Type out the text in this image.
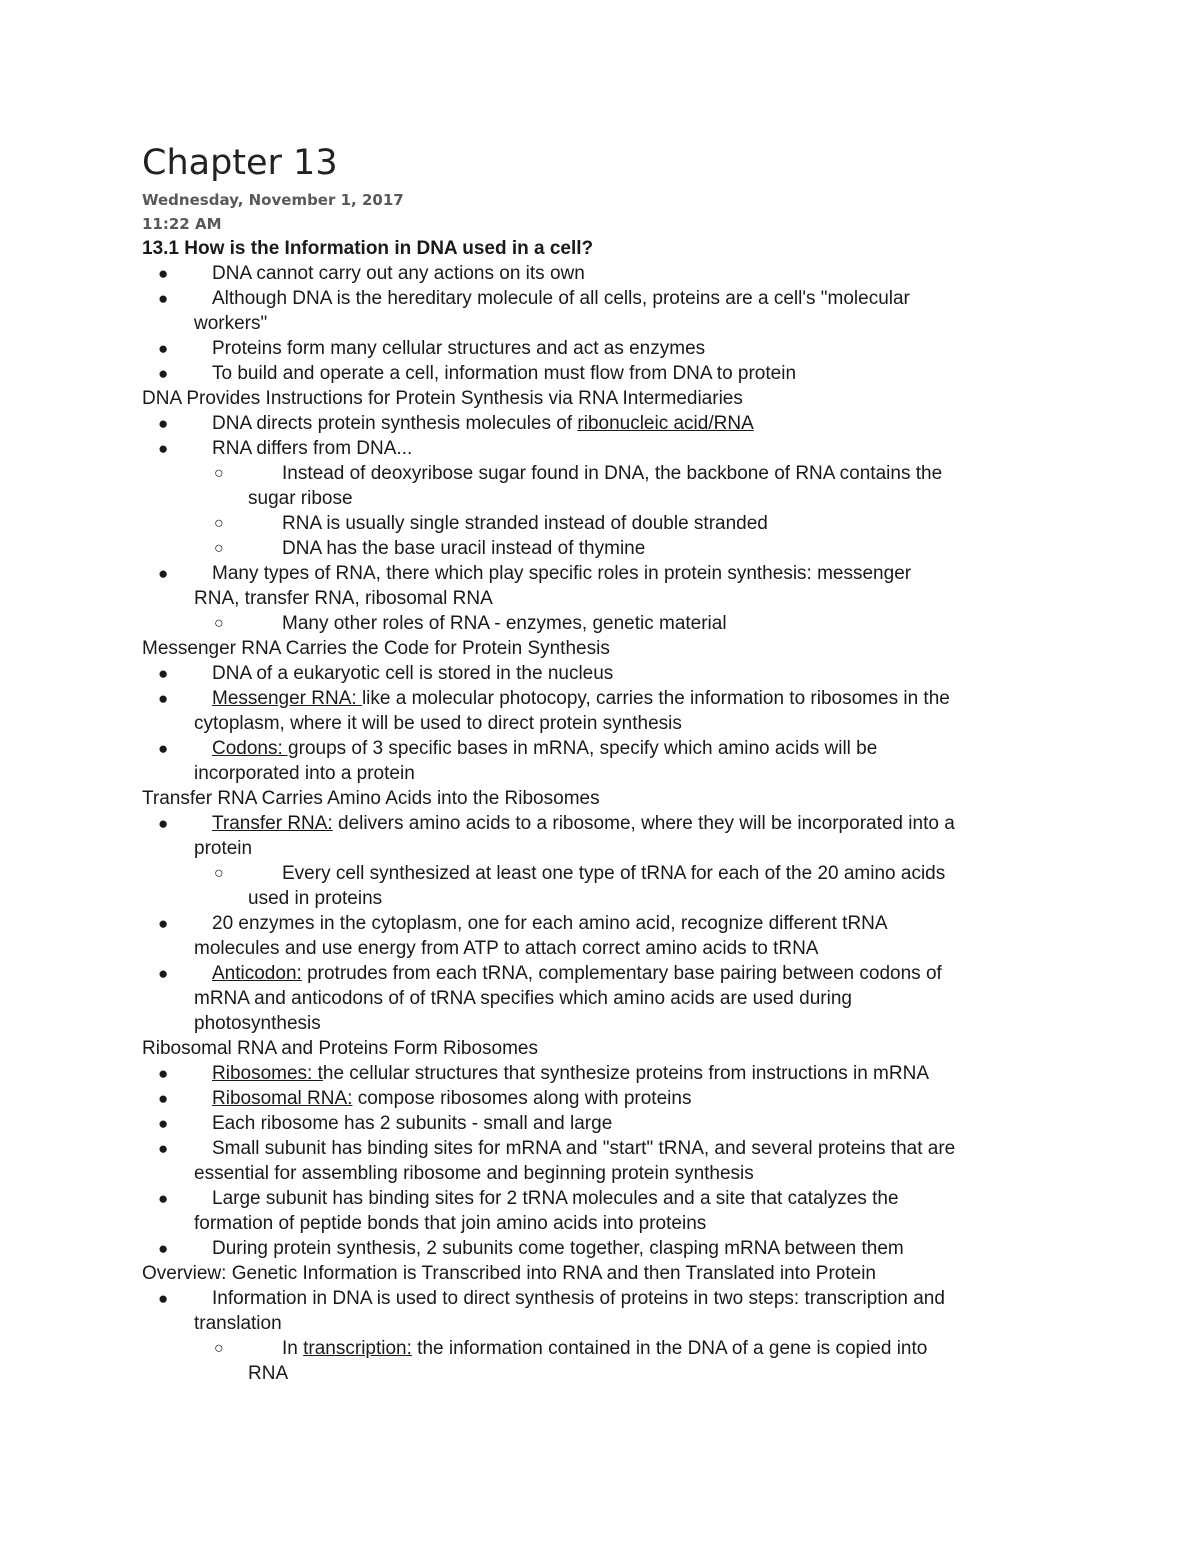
Chapter 13
Wednesday, November 1, 2017
11:22 AM
13.1 How is the Information in DNA used in a cell?
● DNA cannot carry out any actions on its own
● Although DNA is the hereditary molecule of all cells, proteins are a cell's "molecular
workers"
● Proteins form many cellular structures and act as enzymes
● To build and operate a cell, information must flow from DNA to protein
DNA Provides Instructions for Protein Synthesis via RNA Intermediaries
● DNA directs protein synthesis molecules of ribonucleic acid/RNA
● RNA differs from DNA...
○	Instead of deoxyribose sugar found in DNA, the backbone of RNA contains the
sugar ribose
○	RNA is usually single stranded instead of double stranded
○	DNA has the base uracil instead of thymine
● Many types of RNA, there which play specific roles in protein synthesis: messenger
RNA, transfer RNA, ribosomal RNA
○	Many other roles of RNA - enzymes, genetic material
Messenger RNA Carries the Code for Protein Synthesis
● DNA of a eukaryotic cell is stored in the nucleus
● Messenger RNA: like a molecular photocopy, carries the information to ribosomes in the
cytoplasm, where it will be used to direct protein synthesis
● Codons: groups of 3 specific bases in mRNA, specify which amino acids will be
incorporated into a protein
Transfer RNA Carries Amino Acids into the Ribosomes
● Transfer RNA: delivers amino acids to a ribosome, where they will be incorporated into a
protein
○	Every cell synthesized at least one type of tRNA for each of the 20 amino acids
used in proteins
● 20 enzymes in the cytoplasm, one for each amino acid, recognize different tRNA
molecules and use energy from ATP to attach correct amino acids to tRNA
● Anticodon: protrudes from each tRNA, complementary base pairing between codons of
mRNA and anticodons of of tRNA specifies which amino acids are used during
photosynthesis
Ribosomal RNA and Proteins Form Ribosomes
● Ribosomes: the cellular structures that synthesize proteins from instructions in mRNA
● Ribosomal RNA: compose ribosomes along with proteins
● Each ribosome has 2 subunits - small and large
● Small subunit has binding sites for mRNA and "start" tRNA, and several proteins that are
essential for assembling ribosome and beginning protein synthesis
● Large subunit has binding sites for 2 tRNA molecules and a site that catalyzes the
formation of peptide bonds that join amino acids into proteins
● During protein synthesis, 2 subunits come together, clasping mRNA between them
Overview: Genetic Information is Transcribed into RNA and then Translated into Protein
● Information in DNA is used to direct synthesis of proteins in two steps: transcription and
translation
○	In transcription: the information contained in the DNA of a gene is copied into
RNA
